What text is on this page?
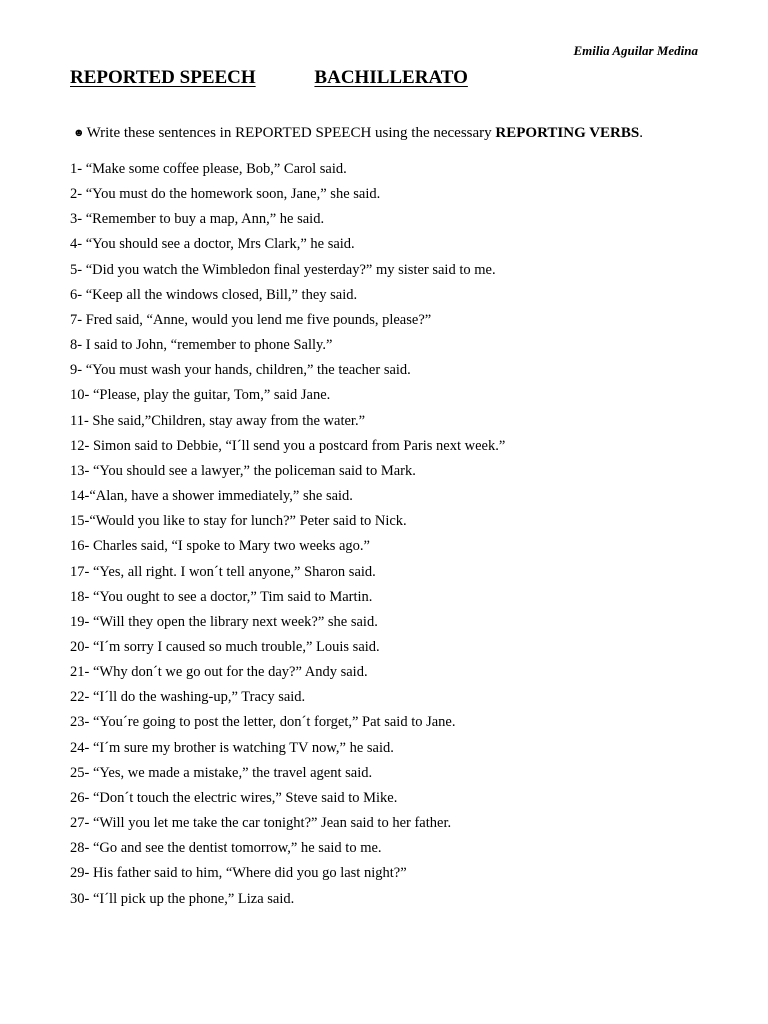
Emilia Aguilar Medina
REPORTED SPEECH	BACHILLERATO
☻ Write these sentences in REPORTED SPEECH using the necessary REPORTING VERBS.
1- “Make some coffee please, Bob,” Carol said.
2- “You must do the homework soon, Jane,” she said.
3- “Remember to buy a map, Ann,” he said.
4- “You should see a doctor, Mrs Clark,” he said.
5- “Did you watch the Wimbledon final yesterday?” my sister said to me.
6- “Keep all the windows closed, Bill,” they said.
7- Fred said, “Anne, would you lend me five pounds, please?”
8- I said to John, “remember to phone Sally.”
9- “You must wash your hands, children,” the teacher said.
10- “Please, play the guitar, Tom,” said Jane.
11- She said,”Children, stay away from the water.”
12- Simon said to Debbie, “I´ll send you a postcard from Paris next week.”
13- “You should see a lawyer,” the policeman said to Mark.
14-“Alan, have a shower immediately,” she said.
15-“Would you like to stay for lunch?” Peter said to Nick.
16- Charles said, “I spoke to Mary two weeks ago.”
17- “Yes, all right. I won´t tell anyone,” Sharon said.
18- “You ought to see a doctor,” Tim said to Martin.
19- “Will they open the library next week?” she said.
20- “I´m sorry I caused so much trouble,” Louis said.
21- “Why don´t we go out for the day?” Andy said.
22- “I´ll do the washing-up,” Tracy said.
23- “You´re going to post the letter, don´t forget,” Pat said to Jane.
24- “I´m sure my brother is watching TV now,” he said.
25- “Yes, we made a mistake,” the travel agent said.
26- “Don´t touch the electric wires,” Steve said to Mike.
27- “Will you let me take the car tonight?” Jean said to her father.
28- “Go and see the dentist tomorrow,” he said to me.
29- His father said to him, “Where did you go last night?”
30- “I´ll pick up the phone,” Liza said.
